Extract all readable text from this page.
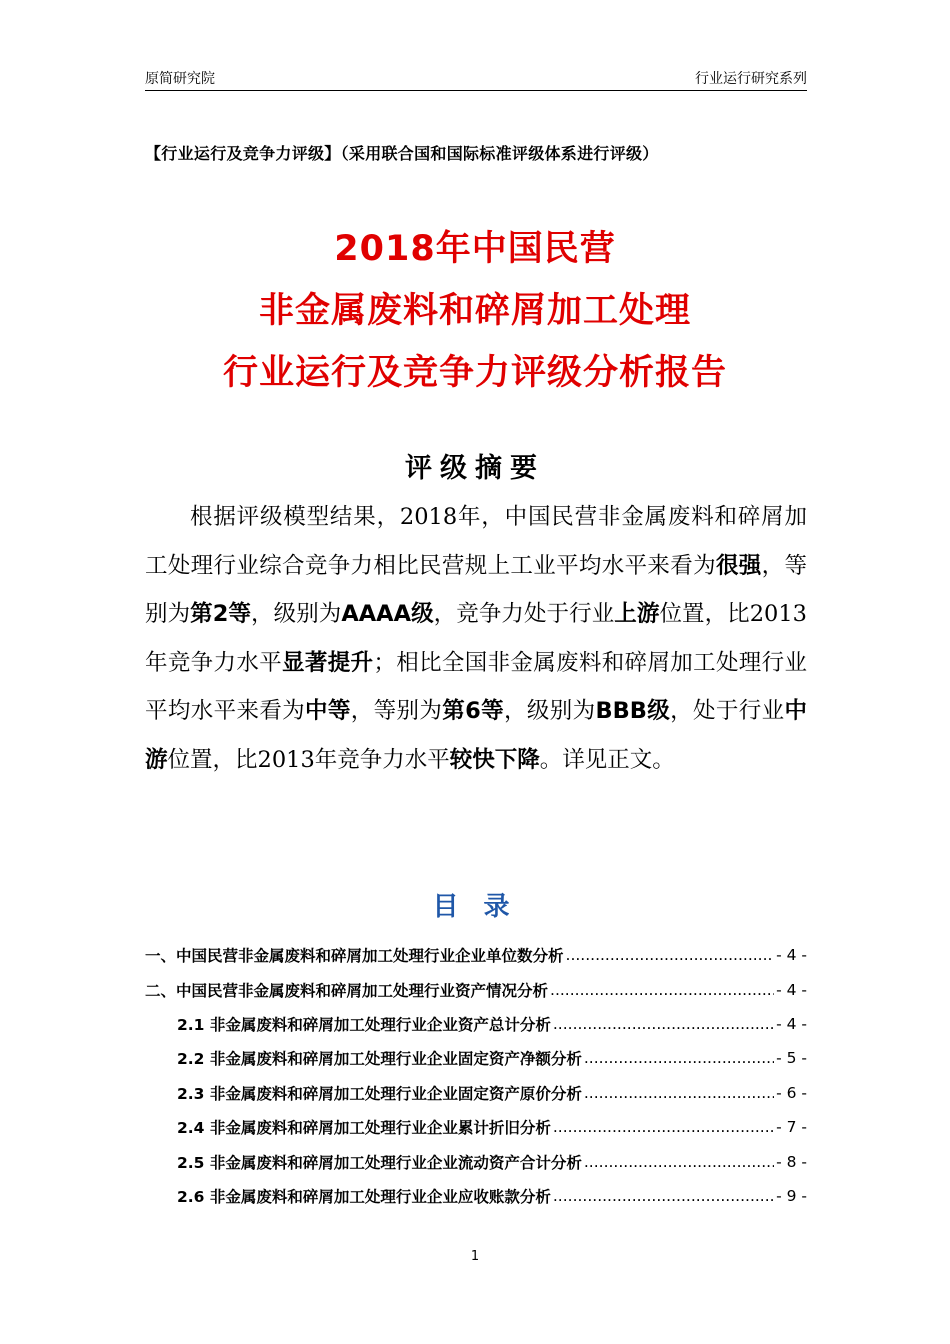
原简研究院	行业运行研究系列
【行业运行及竞争力评级】（采用联合国和国际标准评级体系进行评级）
2018年中国民营
非金属废料和碎屑加工处理
行业运行及竞争力评级分析报告
评级摘要
根据评级模型结果，2018年，中国民营非金属废料和碎屑加工处理行业综合竞争力相比民营规上工业平均水平来看为很强，等别为第2等，级别为AAAA级，竞争力处于行业上游位置，比2013年竞争力水平显著提升；相比全国非金属废料和碎屑加工处理行业平均水平来看为中等，等别为第6等，级别为BBB级，处于行业中游位置，比2013年竞争力水平较快下降。详见正文。
目 录
一、中国民营非金属废料和碎屑加工处理行业企业单位数分析 .....	- 4 -
二、中国民营非金属废料和碎屑加工处理行业资产情况分析 .....	- 4 -
2.1 非金属废料和碎屑加工处理行业企业资产总计分析 .....	- 4 -
2.2 非金属废料和碎屑加工处理行业企业固定资产净额分析 .....	- 5 -
2.3 非金属废料和碎屑加工处理行业企业固定资产原价分析 .....	- 6 -
2.4 非金属废料和碎屑加工处理行业企业累计折旧分析 .....	- 7 -
2.5 非金属废料和碎屑加工处理行业企业流动资产合计分析 .....	- 8 -
2.6 非金属废料和碎屑加工处理行业企业应收账款分析 .....	- 9 -
1
